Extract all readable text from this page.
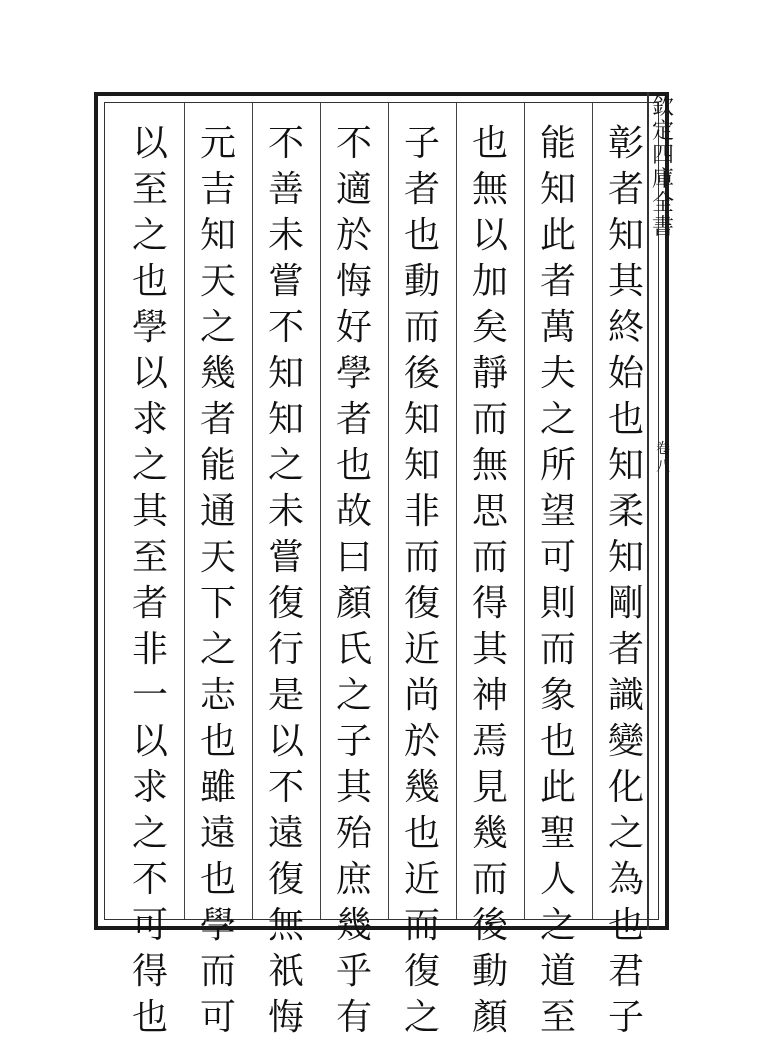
彰
者
知
其
終
始
也
知
柔
知
剛
者
識
變
化
之
為
也
君
子
能
知
此
者
萬
夫
之
所
望
可
則
而
象
也
此
聖
人
之
道
至
也
無
以
加
矣
靜
而
無
思
而
得
其
神
焉
見
幾
而
後
動
顏
子
者
也
動
而
後
知
知
非
而
復
近
尚
於
幾
也
近
而
復
之
不
適
於
悔
好
學
者
也
故
曰
顏
氏
之
子
其
殆
庶
幾
乎
有
不
善
未
嘗
不
知
知
之
未
嘗
復
行
是
以
不
遠
復
無
祇
悔
元
吉
知
天
之
幾
者
能
通
天
下
之
志
也
雖
遠
也
學
而
可
以
至
之
也
學
以
求
之
其
至
者
非
一
以
求
之
不
可
得
也
欽
定
四
庫
全
書
卷
八
